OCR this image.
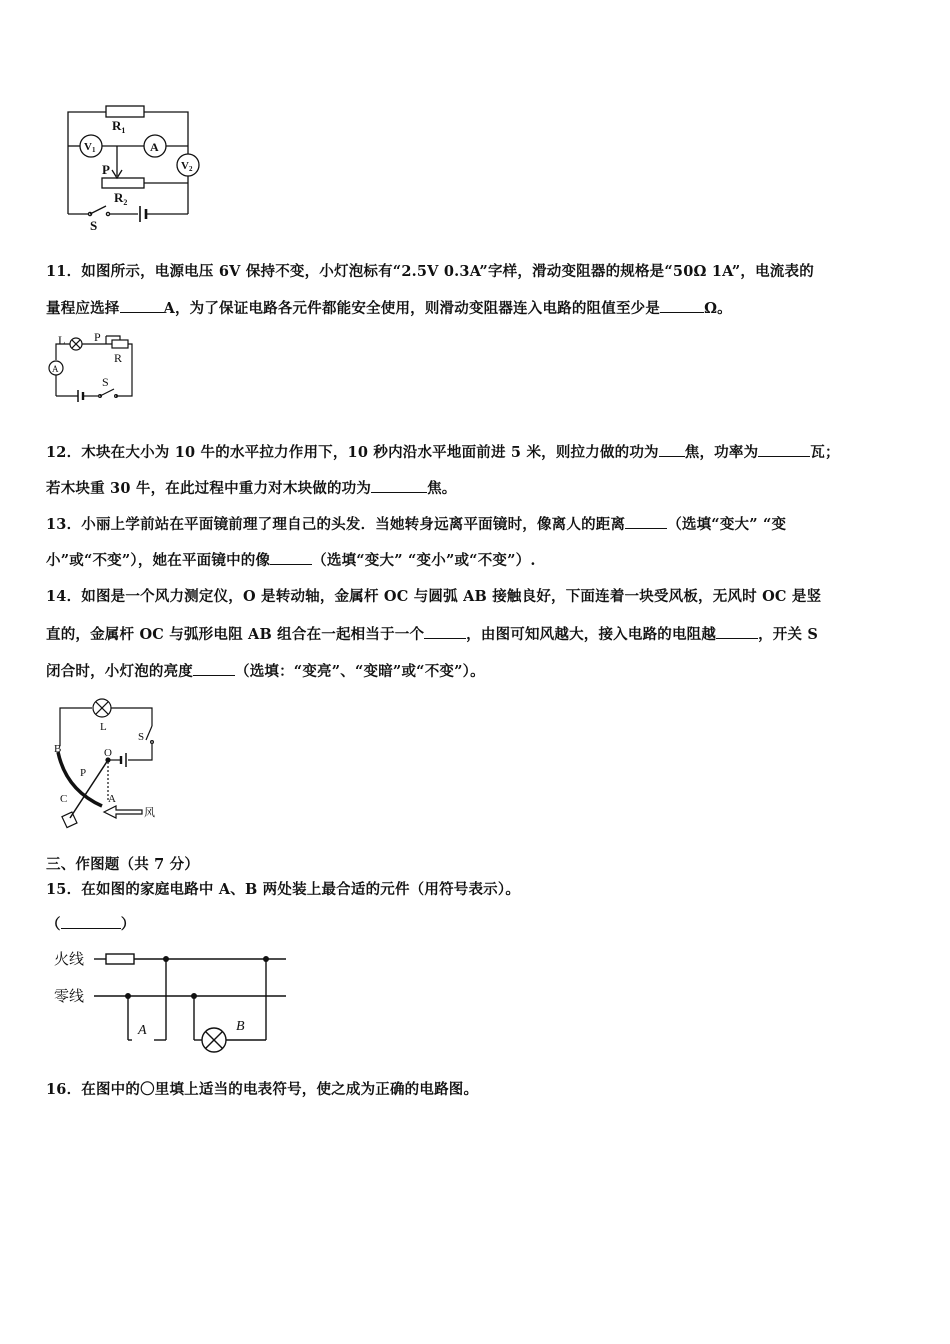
$R_1$
V1	A
V2
P
$R_2$
S
11．如图所示，电源电压 6V 保持不变，小灯泡标有“2.5V 0.3A”字样，滑动变阻器的规格是“50Ω 1A”，电流表的
量程应选择	A，为了保证电路各元件都能安全使用，则滑动变阻器连入电路的阻值至少是	Ω。
L P
R
S
A
12．木块在大小为 10 牛的水平拉力作用下，10 秒内沿水平地面前进 5 米，则拉力做的功为 焦，功率为	瓦；
若木块重 30 牛，在此过程中重力对木块做的功为	焦。
13．小丽上学前站在平面镜前理了理自己的头发．当她转身远离平面镜时，像离人的距离	（选填“变大” “变
小”或“不变”），她在平面镜中的像	（选填“变大” “变小”或“不变”）.
14．如图是一个风力测定仪，O 是转动轴，金属杆 OC 与圆弧 AB 接触良好，下面连着一块受风板，无风时 OC 是竖
直的，金属杆 OC 与弧形电阻 AB 组合在一起相当于一个	，由图可知风越大，接入电路的电阻越	，开关 S
闭合时，小灯泡的亮度	（选填：“变亮”、“变暗”或“不变”）。
B	O
L
S
P
C	A
风
三、作图题（共 7 分）
15．在如图的家庭电路中 A、B 两处装上最合适的元件（用符号表示）。
（	）
火线
零线
A	B
16．在图中的〇里填上适当的电表符号，使之成为正确的电路图。
